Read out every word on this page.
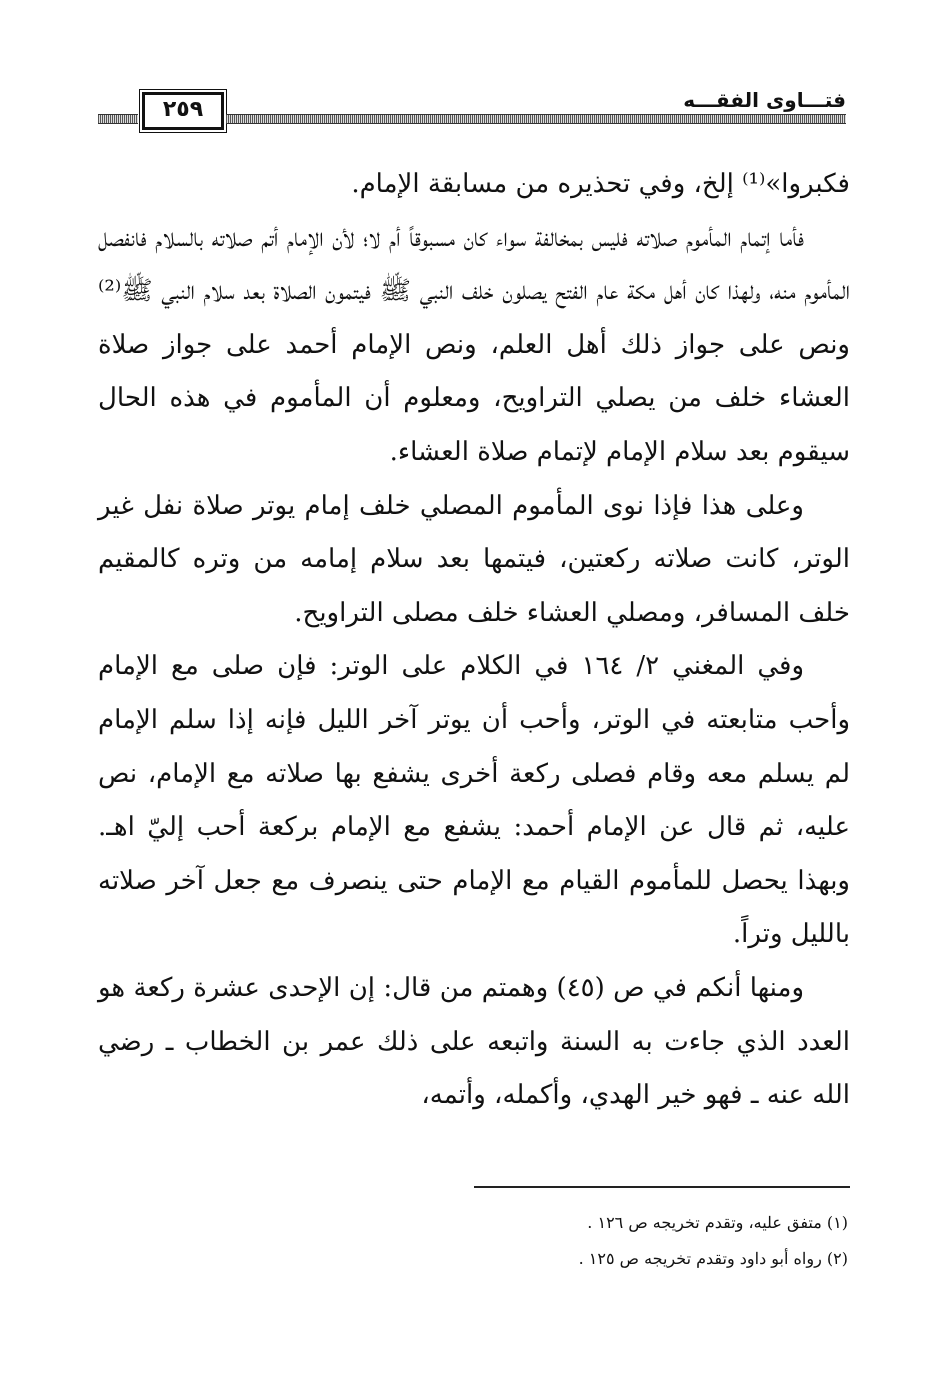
٢٥٩	فتـــاوى الفقـــه

فكبروا»⁽¹⁾ إلخ، وفي تحذيره من مسابقة الإمام.

فأما إتمام المأموم صلاته فليس بمخالفة سواء كان مسبوقاً أم لا؛ لأن الإمام أتم صلاته بالسلام فانفصل المأموم منه، ولهذا كان أهل مكة عام الفتح يصلون خلف النبي ﷺ فيتمون الصلاة بعد سلام النبي ﷺ⁽²⁾ ونص على جواز ذلك أهل العلم، ونص الإمام أحمد على جواز صلاة العشاء خلف من يصلي التراويح، ومعلوم أن المأموم في هذه الحال سيقوم بعد سلام الإمام لإتمام صلاة العشاء.

وعلى هذا فإذا نوى المأموم المصلي خلف إمام يوتر صلاة نفل غير الوتر، كانت صلاته ركعتين، فيتمها بعد سلام إمامه من وتره كالمقيم خلف المسافر، ومصلي العشاء خلف مصلى التراويح.

وفي المغني ٢/ ١٦٤ في الكلام على الوتر: فإن صلى مع الإمام وأحب متابعته في الوتر، وأحب أن يوتر آخر الليل فإنه إذا سلم الإمام لم يسلم معه وقام فصلى ركعة أخرى يشفع بها صلاته مع الإمام، نص عليه، ثم قال عن الإمام أحمد: يشفع مع الإمام بركعة أحب إليّ اهـ. وبهذا يحصل للمأموم القيام مع الإمام حتى ينصرف مع جعل آخر صلاته بالليل وتراً.

ومنها أنكم في ص (٤٥) وهمتم من قال: إن الإحدى عشرة ركعة هو العدد الذي جاءت به السنة واتبعه على ذلك عمر بن الخطاب ـ رضي الله عنه ـ فهو خير الهدي، وأكمله، وأتمه،

(١) متفق عليه، وتقدم تخريجه ص ١٢٦ .
(٢) رواه أبو داود وتقدم تخريجه ص ١٢٥ .
